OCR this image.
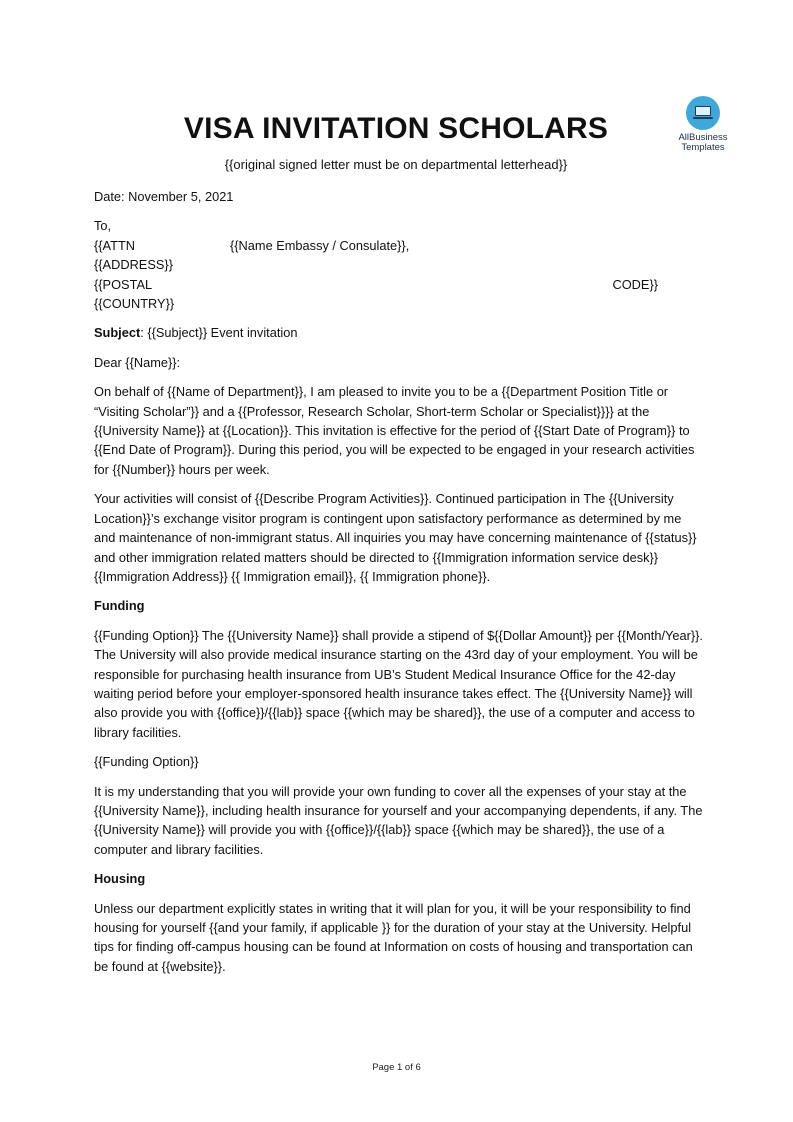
AllBusiness
Templates
VISA INVITATION SCHOLARS
{{original signed letter must be on departmental letterhead}}
Date: November 5, 2021
To,
{{ATTN	{{Name Embassy / Consulate}},
{{ADDRESS}}
{{POSTAL	CODE}}
{{COUNTRY}}

Subject: {{Subject}} Event invitation

Dear {{Name}}:

On behalf of {{Name of Department}}, I am pleased to invite you to be a {{Department Position Title or “Visiting Scholar”}} and a {{Professor, Research Scholar, Short-term Scholar or Specialist}}}} at the {{University Name}} at {{Location}}. This invitation is effective for the period of {{Start Date of Program}} to {{End Date of Program}}. During this period, you will be expected to be engaged in your research activities for {{Number}} hours per week.

Your activities will consist of {{Describe Program Activities}}. Continued participation in The {{University Location}}’s exchange visitor program is contingent upon satisfactory performance as determined by me and maintenance of non-immigrant status. All inquiries you may have concerning maintenance of {{status}} and other immigration related matters should be directed to {{Immigration information service desk}} {{Immigration Address}} {{ Immigration email}}, {{ Immigration phone}}.

Funding

{{Funding Option}} The {{University Name}} shall provide a stipend of ${{Dollar Amount}} per {{Month/Year}}. The University will also provide medical insurance starting on the 43rd day of your employment. You will be responsible for purchasing health insurance from UB’s Student Medical Insurance Office for the 42-day waiting period before your employer-sponsored health insurance takes effect. The {{University Name}} will also provide you with {{office}}/{{lab}} space {{which may be shared}}, the use of a computer and access to library facilities.

{{Funding Option}}

It is my understanding that you will provide your own funding to cover all the expenses of your stay at the {{University Name}}, including health insurance for yourself and your accompanying dependents, if any. The {{University Name}} will provide you with {{office}}/{{lab}} space {{which may be shared}}, the use of a computer and library facilities.

Housing

Unless our department explicitly states in writing that it will plan for you, it will be your responsibility to find housing for yourself {{and your family, if applicable }} for the duration of your stay at the University. Helpful tips for finding off-campus housing can be found at Information on costs of housing and transportation can be found at {{website}}.

Page 1 of 6
